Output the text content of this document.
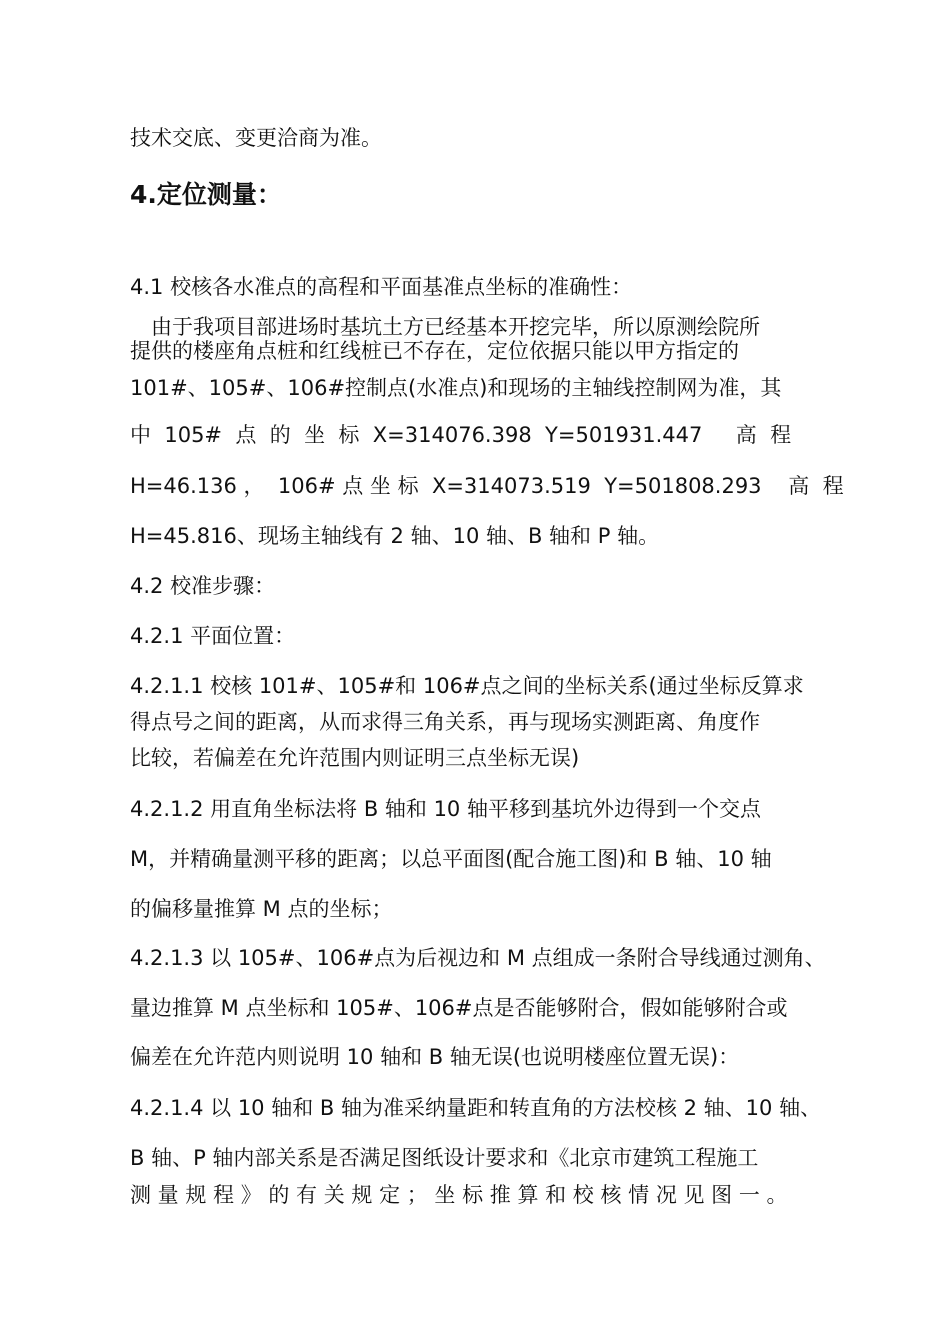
技术交底、变更洽商为准。
4.定位测量：
4.1 校核各水准点的高程和平面基准点坐标的准确性：
由于我项目部进场时基坑土方已经基本开挖完毕，所以原测绘院所
提供的楼座角点桩和红线桩已不存在，定位依据只能以甲方指定的
101#、105#、106#控制点(水准点)和现场的主轴线控制网为准，其
中  105#  点  的  坐  标  X=314076.398  Y=501931.447     高  程
H=46.136 ，  106# 点 坐 标  X=314073.519  Y=501808.293    高  程
H=45.816、现场主轴线有 2 轴、10 轴、B 轴和 P 轴。
4.2 校准步骤：
4.2.1 平面位置：
4.2.1.1 校核 101#、105#和 106#点之间的坐标关系(通过坐标反算求
得点号之间的距离，从而求得三角关系，再与现场实测距离、角度作
比较，若偏差在允许范围内则证明三点坐标无误)
4.2.1.2 用直角坐标法将 B 轴和 10 轴平移到基坑外边得到一个交点
M，并精确量测平移的距离；以总平面图(配合施工图)和 B 轴、10 轴
的偏移量推算 M 点的坐标；
4.2.1.3 以 105#、106#点为后视边和 M 点组成一条附合导线通过测角、
量边推算 M 点坐标和 105#、106#点是否能够附合，假如能够附合或
偏差在允许范内则说明 10 轴和 B 轴无误(也说明楼座位置无误)：
4.2.1.4 以 10 轴和 B 轴为准采纳量距和转直角的方法校核 2 轴、10 轴、
B 轴、P 轴内部关系是否满足图纸设计要求和《北京市建筑工程施工
测 量 规 程 》 的 有 关 规 定 ； 坐 标 推 算 和 校 核 情 况 见 图 一 。
